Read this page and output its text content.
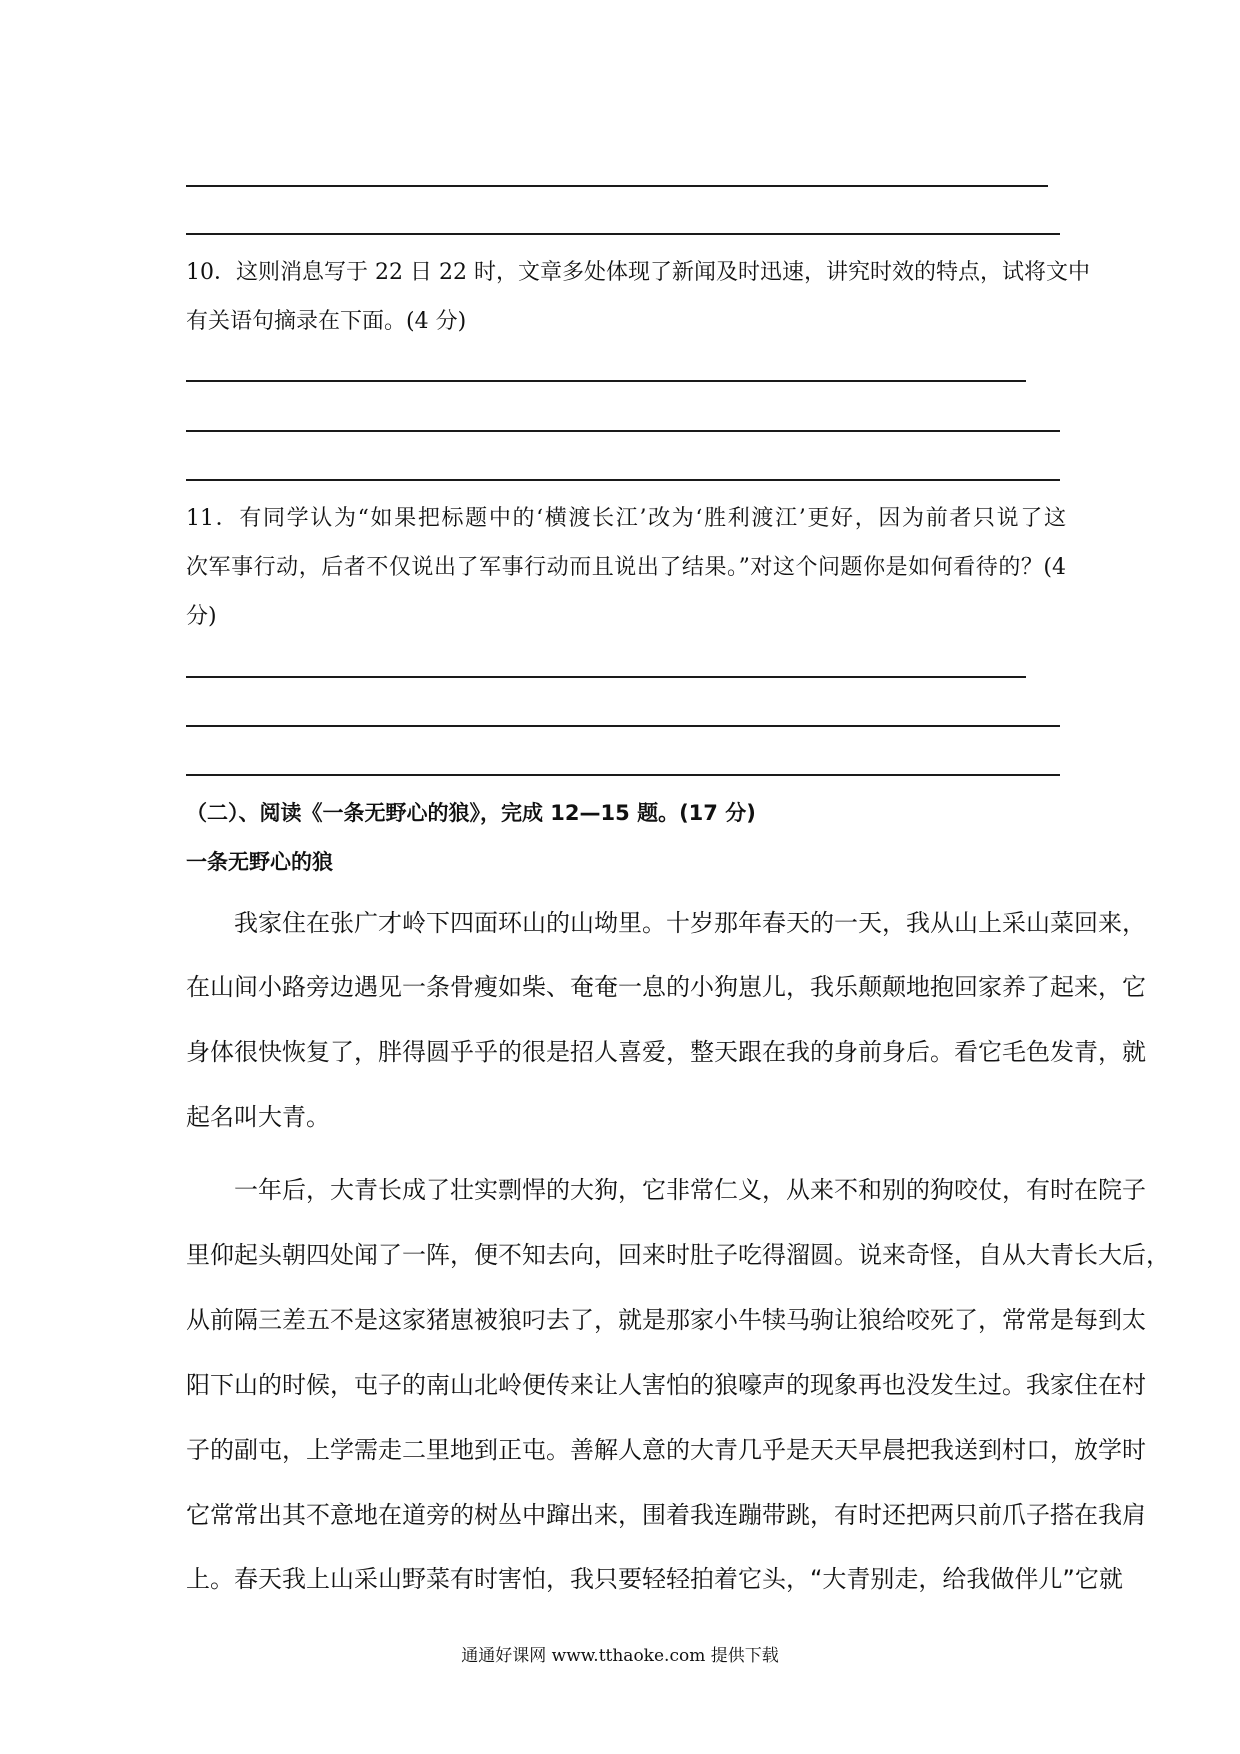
10．这则消息写于 22 日 22 时，文章多处体现了新闻及时迅速，讲究时效的特点，试将文中
有关语句摘录在下面。(4 分)
11．有同学认为“如果把标题中的‘横渡长江’改为‘胜利渡江’更好，因为前者只说了这
次军事行动，后者不仅说出了军事行动而且说出了结果。”对这个问题你是如何看待的？(4
分)
（二）、阅读《一条无野心的狼》，完成 12—15 题。(17 分)
一条无野心的狼
　　我家住在张广才岭下四面环山的山坳里。十岁那年春天的一天，我从山上采山菜回来，
在山间小路旁边遇见一条骨瘦如柴、奄奄一息的小狗崽儿，我乐颠颠地抱回家养了起来，它
身体很快恢复了，胖得圆乎乎的很是招人喜爱，整天跟在我的身前身后。看它毛色发青，就
起名叫大青。
　　一年后，大青长成了壮实剽悍的大狗，它非常仁义，从来不和别的狗咬仗，有时在院子
里仰起头朝四处闻了一阵，便不知去向，回来时肚子吃得溜圆。说来奇怪，自从大青长大后，
从前隔三差五不是这家猪崽被狼叼去了，就是那家小牛犊马驹让狼给咬死了，常常是每到太
阳下山的时候，屯子的南山北岭便传来让人害怕的狼嚎声的现象再也没发生过。我家住在村
子的副屯，上学需走二里地到正屯。善解人意的大青几乎是天天早晨把我送到村口，放学时
它常常出其不意地在道旁的树丛中蹿出来，围着我连蹦带跳，有时还把两只前爪子搭在我肩
上。春天我上山采山野菜有时害怕，我只要轻轻拍着它头，“大青别走，给我做伴儿”它就
通通好课网 www.tthaoke.com 提供下载
